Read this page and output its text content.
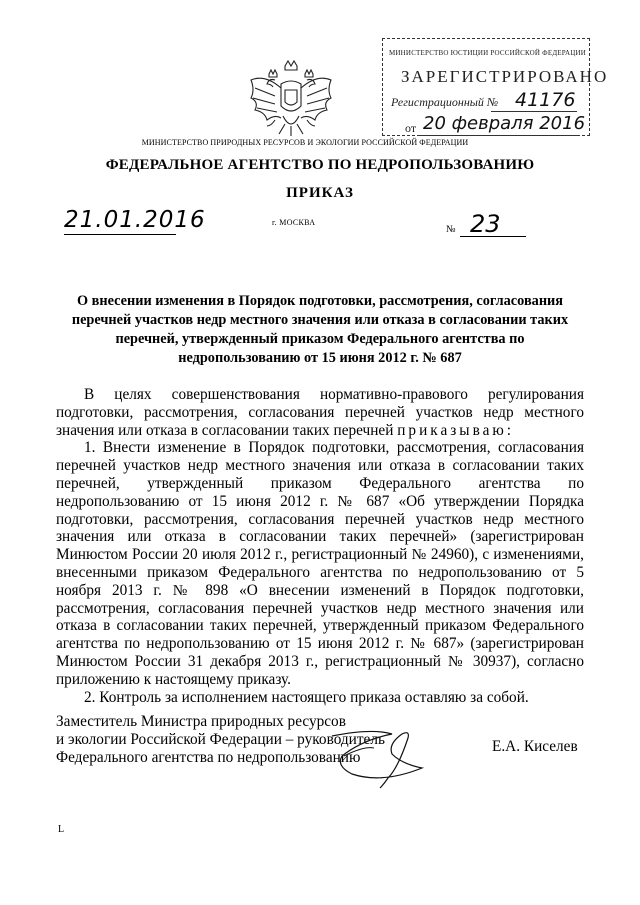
МИНИСТЕРСТВО ЮСТИЦИИ РОССИЙСКОЙ ФЕДЕРАЦИИ
ЗАРЕГИСТРИРОВАНО
Регистрационный № 41176
от 20 февраля 2016
МИНИСТЕРСТВО ПРИРОДНЫХ РЕСУРСОВ И ЭКОЛОГИИ РОССИЙСКОЙ ФЕДЕРАЦИИ
ФЕДЕРАЛЬНОЕ АГЕНТСТВО ПО НЕДРОПОЛЬЗОВАНИЮ
ПРИКАЗ
21.01.2016	г. МОСКВА
№ 23
О внесении изменения в Порядок подготовки, рассмотрения, согласования перечней участков недр местного значения или отказа в согласовании таких перечней, утвержденный приказом Федерального агентства по недропользованию от 15 июня 2012 г. № 687

В целях совершенствования нормативно-правового регулирования подготовки, рассмотрения, согласования перечней участков недр местного значения или отказа в согласовании таких перечней приказываю:

1. Внести изменение в Порядок подготовки, рассмотрения, согласования перечней участков недр местного значения или отказа в согласовании таких перечней, утвержденный приказом Федерального агентства по недропользованию от 15 июня 2012 г. № 687 «Об утверждении Порядка подготовки, рассмотрения, согласования перечней участков недр местного значения или отказа в согласовании таких перечней» (зарегистрирован Минюстом России 20 июля 2012 г., регистрационный № 24960), с изменениями, внесенными приказом Федерального агентства по недропользованию от 5 ноября 2013 г. № 898 «О внесении изменений в Порядок подготовки, рассмотрения, согласования перечней участков недр местного значения или отказа в согласовании таких перечней, утвержденный приказом Федерального агентства по недропользованию от 15 июня 2012 г. № 687» (зарегистрирован Минюстом России 31 декабря 2013 г., регистрационный № 30937), согласно приложению к настоящему приказу.

2. Контроль за исполнением настоящего приказа оставляю за собой.

Заместитель Министра природных ресурсов
и экологии Российской Федерации – руководитель
Федерального агентства по недропользованию
Е.А. Киселев
L
